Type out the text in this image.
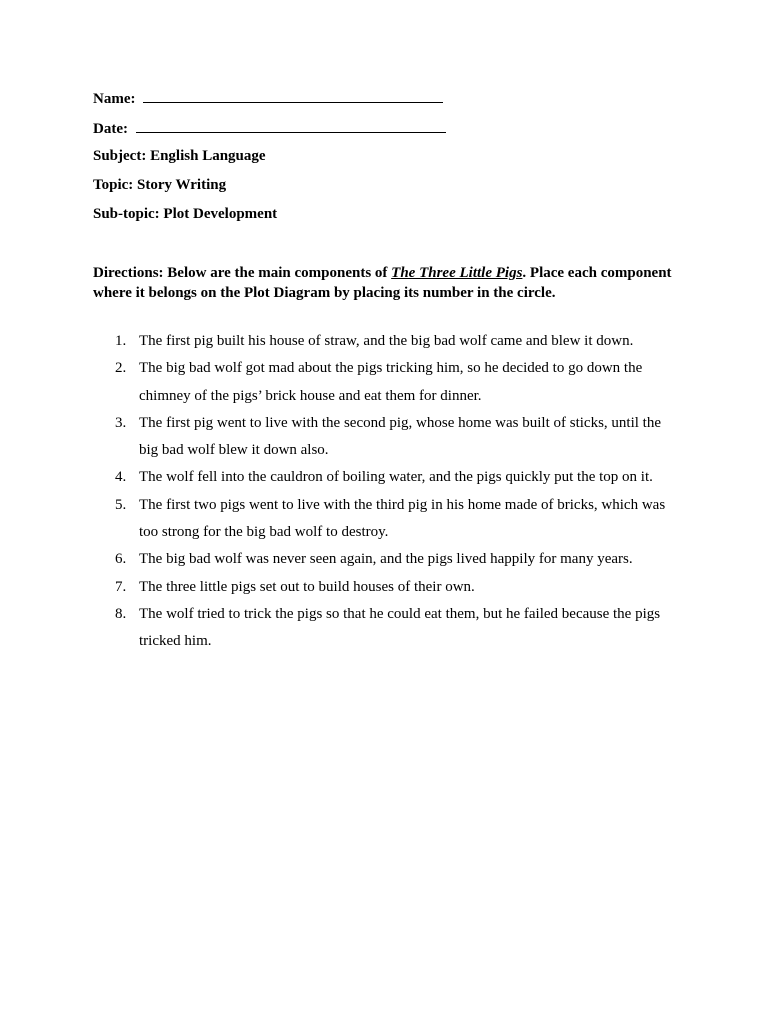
Name:
Date:
Subject: English Language
Topic: Story Writing
Sub-topic: Plot Development
Directions: Below are the main components of The Three Little Pigs. Place each component where it belongs on the Plot Diagram by placing its number in the circle.
1. The first pig built his house of straw, and the big bad wolf came and blew it down.
2. The big bad wolf got mad about the pigs tricking him, so he decided to go down the chimney of the pigs’ brick house and eat them for dinner.
3. The first pig went to live with the second pig, whose home was built of sticks, until the big bad wolf blew it down also.
4. The wolf fell into the cauldron of boiling water, and the pigs quickly put the top on it.
5. The first two pigs went to live with the third pig in his home made of bricks, which was too strong for the big bad wolf to destroy.
6. The big bad wolf was never seen again, and the pigs lived happily for many years.
7. The three little pigs set out to build houses of their own.
8. The wolf tried to trick the pigs so that he could eat them, but he failed because the pigs tricked him.
